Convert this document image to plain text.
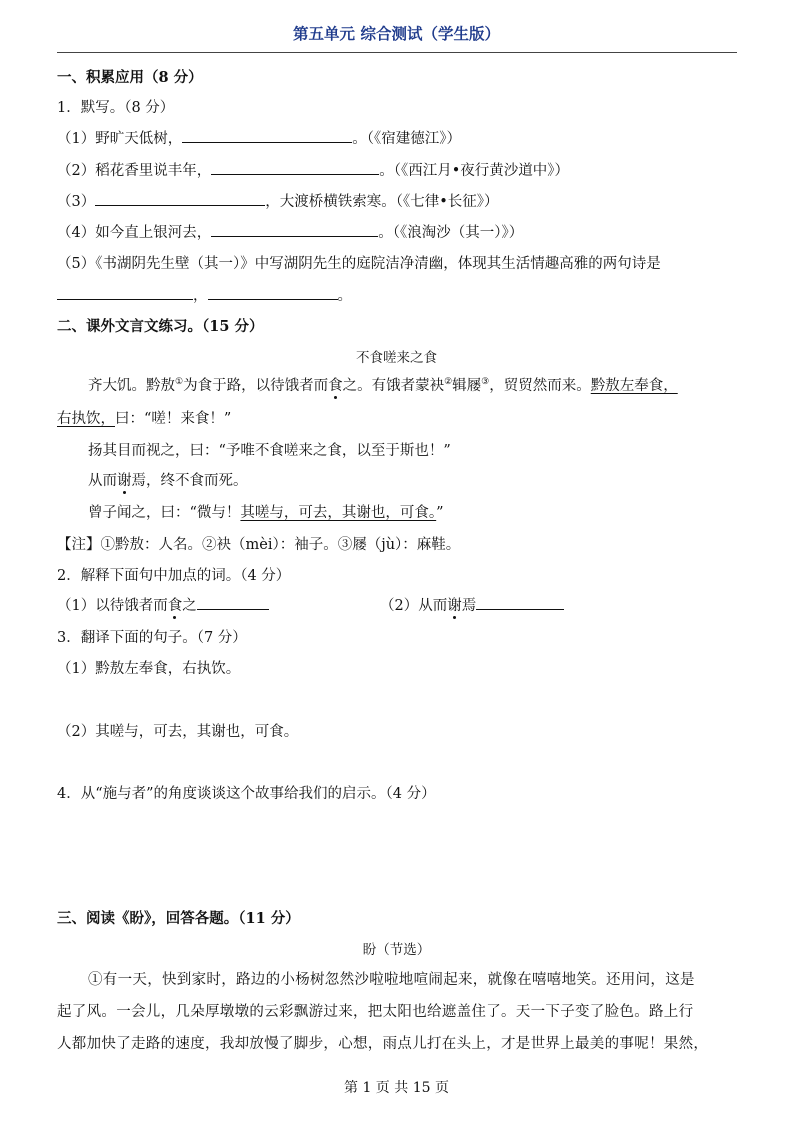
第五单元 综合测试（学生版）
一、积累应用（8 分）
1．默写。（8 分）
（1）野旷天低树，	。（《宿建德江》）
（2）稻花香里说丰年，	。（《西江月•夜行黄沙道中》）
（3）	，大渡桥横铁索寒。（《七律•长征》）
（4）如今直上银河去，	。（《浪淘沙（其一）》）
（5）《书湖阴先生壁（其一）》中写湖阴先生的庭院洁净清幽，体现其生活情趣高雅的两句诗是
，	。
二、课外文言文练习。（15 分）
不食嗟来之食
齐大饥。黔敖①为食于路，以待饿者而食之。有饿者蒙袂②辑屦③，贸贸然而来。黔敖左奉食，
右执饮，曰：“嗟！来食！”
扬其目而视之，曰：“予唯不食嗟来之食，以至于斯也！”
从而谢焉，终不食而死。
曾子闻之，曰：“微与！其嗟与，可去，其谢也，可食。”
【注】①黔敖：人名。②袂（mèi）：袖子。③屦（jù）：麻鞋。
2．解释下面句中加点的词。（4 分）
（1）以待饿者而食之	（2）从而谢焉
3．翻译下面的句子。（7 分）
（1）黔敖左奉食，右执饮。
（2）其嗟与，可去，其谢也，可食。
4．从“施与者”的角度谈谈这个故事给我们的启示。（4 分）
三、阅读《盼》，回答各题。（11 分）
盼（节选）
①有一天，快到家时，路边的小杨树忽然沙啦啦地喧闹起来，就像在嘻嘻地笑。还用问，这是
起了风。一会儿，几朵厚墩墩的云彩飘游过来，把太阳也给遮盖住了。天一下子变了脸色。路上行
人都加快了走路的速度，我却放慢了脚步，心想，雨点儿打在头上，才是世界上最美的事呢！果然，
第 1 页 共 15 页
